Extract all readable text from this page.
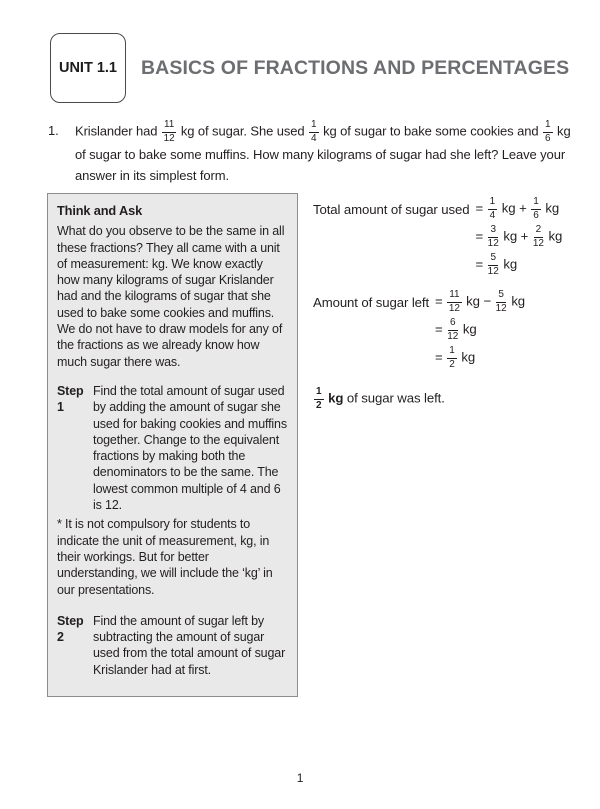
UNIT 1.1 BASICS OF FRACTIONS AND PERCENTAGES
1.	Krislander had $\frac{11}{12}$ kg of sugar. She used $\frac{1}{4}$ kg of sugar to bake some cookies and $\frac{1}{6}$ kg of sugar to bake some muffins. How many kilograms of sugar had she left? Leave your answer in its simplest form.
Think and Ask

What do you observe to be the same in all these fractions? They all came with a unit of measurement: kg. We know exactly how many kilograms of sugar Krislander had and the kilograms of sugar that she used to bake some cookies and muffins. We do not have to draw models for any of the fractions as we already know how much sugar there was.

Step 1
Find the total amount of sugar used by adding the amount of sugar she used for baking cookies and muffins together. Change to the equivalent fractions by making both the denominators to be the same. The lowest common multiple of 4 and 6 is 12.

* It is not compulsory for students to indicate the unit of measurement, kg, in their workings. But for better understanding, we will include the ‘kg’ in our presentations.

Step 2
Find the amount of sugar left by subtracting the amount of sugar used from the total amount of sugar Krislander had at first.
Total amount of sugar used = $\frac{1}{4}$ kg + $\frac{1}{6}$ kg
= $\frac{3}{12}$ kg + $\frac{2}{12}$ kg
= $\frac{5}{12}$ kg
Amount of sugar left = $\frac{11}{12}$ kg − $\frac{5}{12}$ kg
= $\frac{6}{12}$ kg
= $\frac{1}{2}$ kg

$\frac{1}{2}$ kg of sugar was left.

1
